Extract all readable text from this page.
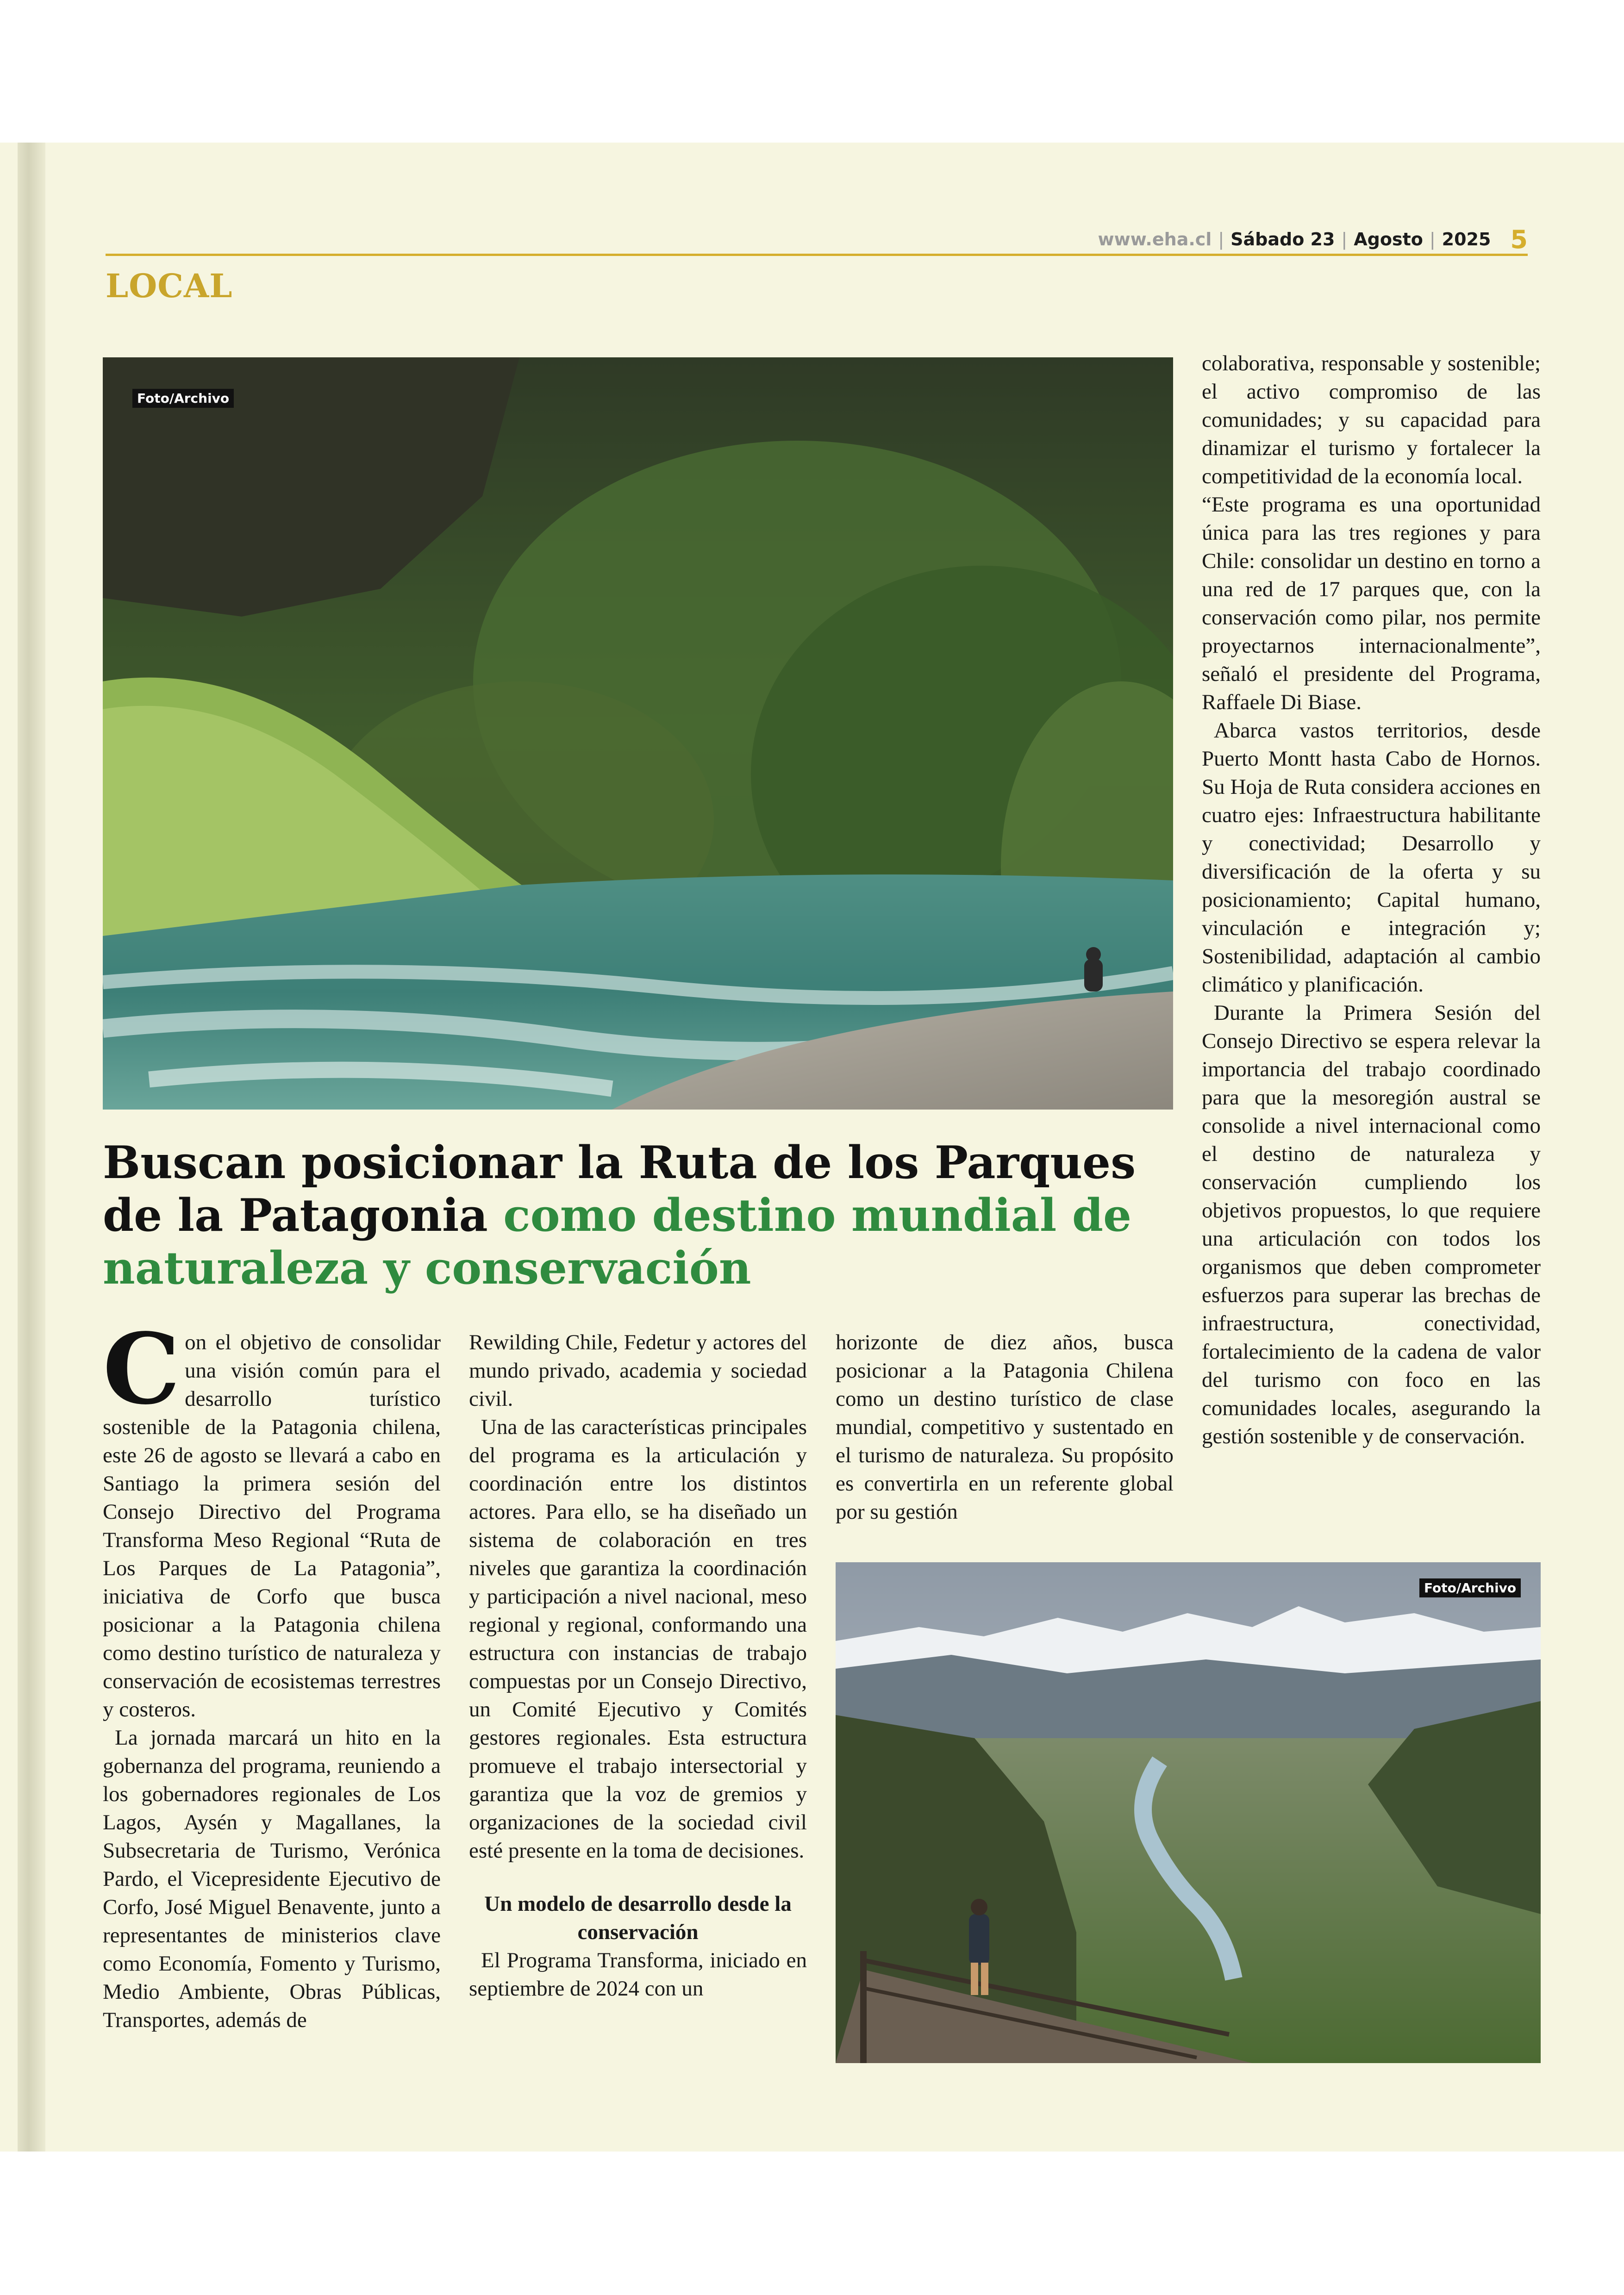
www.eha.cl | Sábado 23 | Agosto | 2025 5
LOCAL
Foto/Archivo
Buscan posicionar la Ruta de los Parques de la Patagonia como destino mundial de naturaleza y conservación

Con el objetivo de consolidar una visión común para el desarrollo turístico sostenible de la Patagonia chilena, este 26 de agosto se llevará a cabo en Santiago la primera sesión del Consejo Directivo del Programa Transforma Meso Regional “Ruta de Los Parques de La Patagonia”, iniciativa de Corfo que busca posicionar a la Patagonia chilena como destino turístico de naturaleza y conservación de ecosistemas terrestres y costeros.

La jornada marcará un hito en la gobernanza del programa, reuniendo a los gobernadores regionales de Los Lagos, Aysén y Magallanes, la Subsecretaria de Turismo, Verónica Pardo, el Vicepresidente Ejecutivo de Corfo, José Miguel Benavente, junto a representantes de ministerios clave como Economía, Fomento y Turismo, Medio Ambiente, Obras Públicas, Transportes, además de

Rewilding Chile, Fedetur y actores del mundo privado, academia y sociedad civil.

Una de las características principales del programa es la articulación y coordinación entre los distintos actores. Para ello, se ha diseñado un sistema de colaboración en tres niveles que garantiza la coordinación y participación a nivel nacional, meso regional y regional, conformando una estructura con instancias de trabajo compuestas por un Consejo Directivo, un Comité Ejecutivo y Comités gestores regionales. Esta estructura promueve el trabajo intersectorial y garantiza que la voz de gremios y organizaciones de la sociedad civil esté presente en la toma de decisiones.

Un modelo de desarrollo desde la conservación

El Programa Transforma, iniciado en septiembre de 2024 con un

horizonte de diez años, busca posicionar a la Patagonia Chilena como un destino turístico de clase mundial, competitivo y sustentado en el turismo de naturaleza. Su propósito es convertirla en un referente global por su gestión

colaborativa, responsable y sostenible; el activo compromiso de las comunidades; y su capacidad para dinamizar el turismo y fortalecer la competitividad de la economía local.

“Este programa es una oportunidad única para las tres regiones y para Chile: consolidar un destino en torno a una red de 17 parques que, con la conservación como pilar, nos permite proyectarnos internacionalmente”, señaló el presidente del Programa, Raffaele Di Biase.

Abarca vastos territorios, desde Puerto Montt hasta Cabo de Hornos. Su Hoja de Ruta considera acciones en cuatro ejes: Infraestructura habilitante y conectividad; Desarrollo y diversificación de la oferta y su posicionamiento; Capital humano, vinculación e integración y; Sostenibilidad, adaptación al cambio climático y planificación.

Durante la Primera Sesión del Consejo Directivo se espera relevar la importancia del trabajo coordinado para que la mesoregión austral se consolide a nivel internacional como el destino de naturaleza y conservación cumpliendo los objetivos propuestos, lo que requiere una articulación con todos los organismos que deben comprometer esfuerzos para superar las brechas de infraestructura, conectividad, fortalecimiento de la cadena de valor del turismo con foco en las comunidades locales, asegurando la gestión sostenible y de conservación.

Foto/Archivo
